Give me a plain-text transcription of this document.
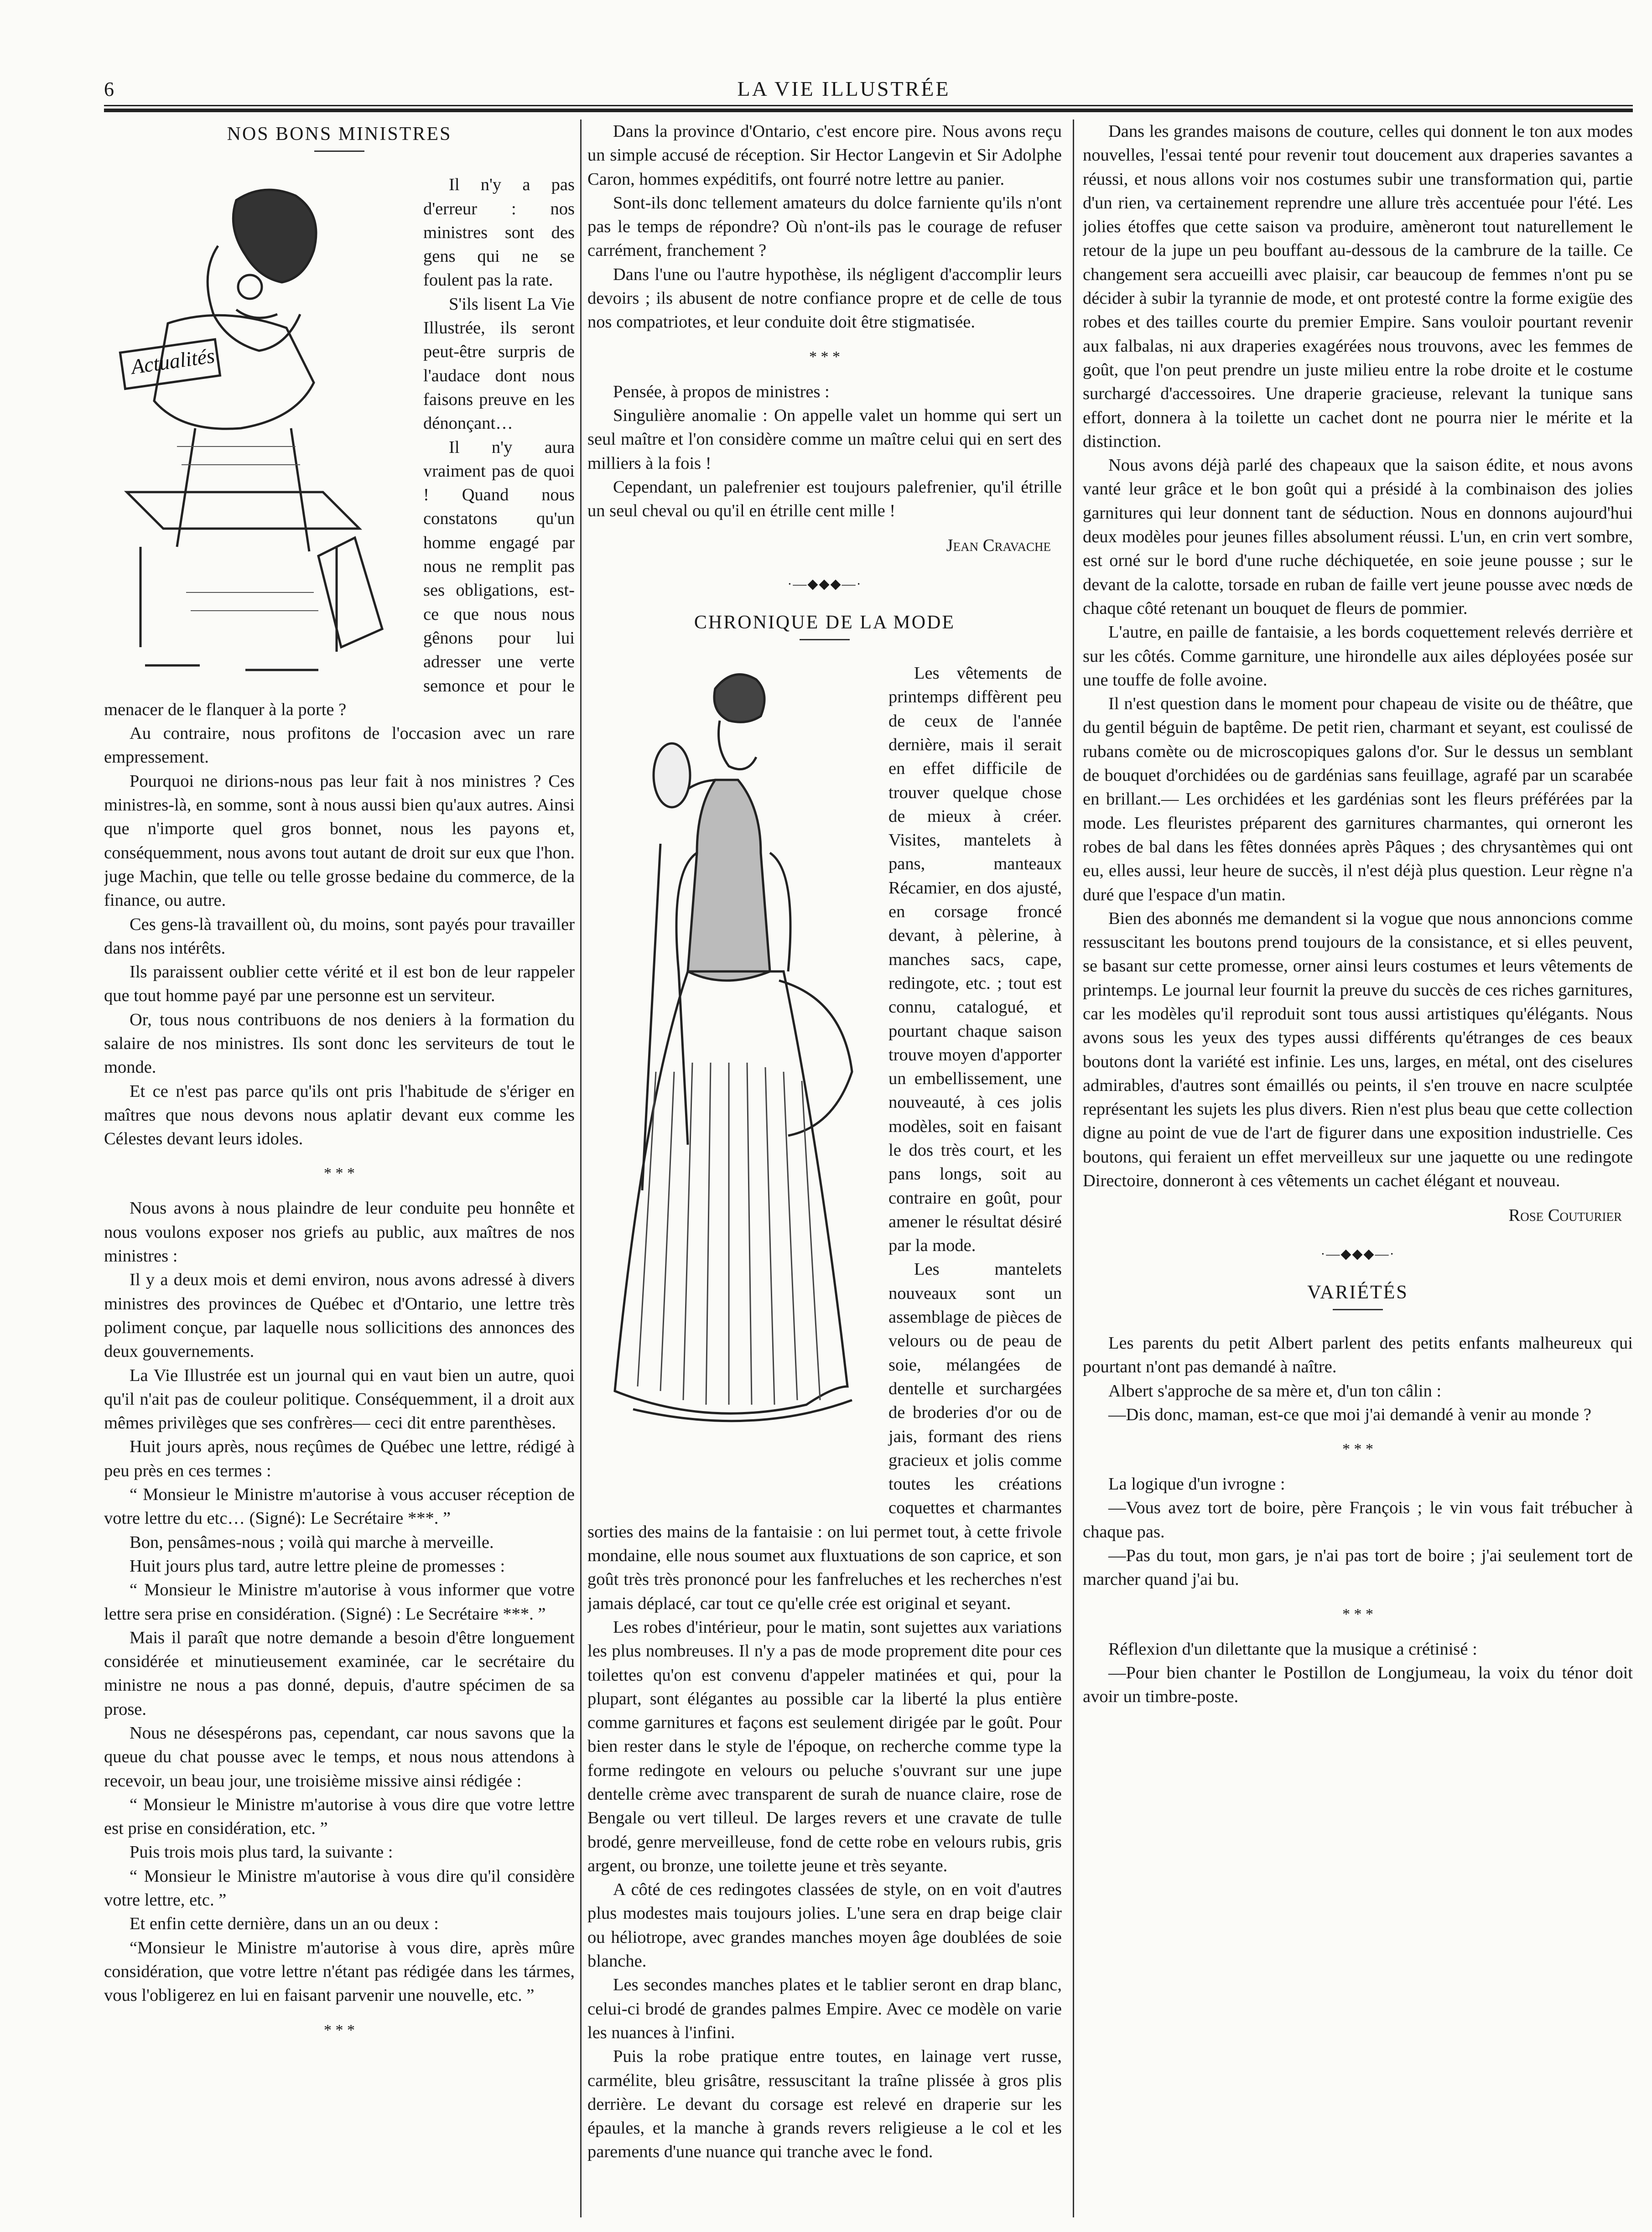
6	LA VIE ILLUSTRÉE
NOS BONS MINISTRES
Actualités

Il n'y a pas d'erreur : nos ministres sont des gens qui ne se foulent pas la rate.

S'ils lisent La Vie Illustrée, ils seront peut-être surpris de l'audace dont nous faisons preuve en les dénonçant…

Il n'y aura vraiment pas de quoi ! Quand nous constatons qu'un homme engagé par nous ne remplit pas ses obligations, est-ce que nous nous gênons pour lui adresser une verte semonce et pour le menacer de le flanquer à la porte ?

Au contraire, nous profitons de l'occasion avec un rare empressement.

Pourquoi ne dirions-nous pas leur fait à nos ministres ? Ces ministres-là, en somme, sont à nous aussi bien qu'aux autres. Ainsi que n'importe quel gros bonnet, nous les payons et, conséquemment, nous avons tout autant de droit sur eux que l'hon. juge Machin, que telle ou telle grosse bedaine du commerce, de la finance, ou autre.

Ces gens-là travaillent où, du moins, sont payés pour travailler dans nos intérêts.

Ils paraissent oublier cette vérité et il est bon de leur rappeler que tout homme payé par une personne est un serviteur.

Or, tous nous contribuons de nos deniers à la formation du salaire de nos ministres. Ils sont donc les serviteurs de tout le monde.

Et ce n'est pas parce qu'ils ont pris l'habitude de s'ériger en maîtres que nous devons nous aplatir devant eux comme les Célestes devant leurs idoles.

* * *

Nous avons à nous plaindre de leur conduite peu honnête et nous voulons exposer nos griefs au public, aux maîtres de nos ministres :

Il y a deux mois et demi environ, nous avons adressé à divers ministres des provinces de Québec et d'Ontario, une lettre très poliment conçue, par laquelle nous sollicitions des annonces des deux gouvernements.

La Vie Illustrée est un journal qui en vaut bien un autre, quoi qu'il n'ait pas de couleur politique. Conséquemment, il a droit aux mêmes privilèges que ses confrères— ceci dit entre parenthèses.

Huit jours après, nous reçûmes de Québec une lettre, rédigé à peu près en ces termes :

“ Monsieur le Ministre m'autorise à vous accuser réception de votre lettre du etc… (Signé): Le Secrétaire ***. ”

Bon, pensâmes-nous ; voilà qui marche à merveille.

Huit jours plus tard, autre lettre pleine de promesses :

“ Monsieur le Ministre m'autorise à vous informer que votre lettre sera prise en considération. (Signé) : Le Secrétaire ***. ”

Mais il paraît que notre demande a besoin d'être longuement considérée et minutieusement examinée, car le secrétaire du ministre ne nous a pas donné, depuis, d'autre spécimen de sa prose.

Nous ne désespérons pas, cependant, car nous savons que la queue du chat pousse avec le temps, et nous nous attendons à recevoir, un beau jour, une troisième missive ainsi rédigée :

“ Monsieur le Ministre m'autorise à vous dire que votre lettre est prise en considération, etc. ”

Puis trois mois plus tard, la suivante :

“ Monsieur le Ministre m'autorise à vous dire qu'il considère votre lettre, etc. ”

Et enfin cette dernière, dans un an ou deux :

“Monsieur le Ministre m'autorise à vous dire, après mûre considération, que votre lettre n'étant pas rédigée dans les tármes, vous l'obligerez en lui en faisant parvenir une nouvelle, etc. ”

* * *

Dans la province d'Ontario, c'est encore pire. Nous avons reçu un simple accusé de réception. Sir Hector Langevin et Sir Adolphe Caron, hommes expéditifs, ont fourré notre lettre au panier.

Sont-ils donc tellement amateurs du dolce farniente qu'ils n'ont pas le temps de répondre? Où n'ont-ils pas le courage de refuser carrément, franchement ?

Dans l'une ou l'autre hypothèse, ils négligent d'accomplir leurs devoirs ; ils abusent de notre confiance propre et de celle de tous nos compatriotes, et leur conduite doit être stigmatisée.

* * *

Pensée, à propos de ministres :

Singulière anomalie : On appelle valet un homme qui sert un seul maître et l'on considère comme un maître celui qui en sert des milliers à la fois !

Cependant, un palefrenier est toujours palefrenier, qu'il étrille un seul cheval ou qu'il en étrille cent mille !

Jean Cravache

·—◆◆◆—·
CHRONIQUE DE LA MODE

Les vêtements de printemps diffèrent peu de ceux de l'année dernière, mais il serait en effet difficile de trouver quelque chose de mieux à créer. Visites, mantelets à pans, manteaux Récamier, en dos ajusté, en corsage froncé devant, à pèlerine, à manches sacs, cape, redingote, etc. ; tout est connu, catalogué, et pourtant chaque saison trouve moyen d'apporter un embellissement, une nouveauté, à ces jolis modèles, soit en faisant le dos très court, et les pans longs, soit au contraire en goût, pour amener le résultat désiré par la mode.

Les mantelets nouveaux sont un assemblage de pièces de velours ou de peau de soie, mélangées de dentelle et surchargées de broderies d'or ou de jais, formant des riens gracieux et jolis comme toutes les créations coquettes et charmantes sorties des mains de la fantaisie : on lui permet tout, à cette frivole mondaine, elle nous soumet aux fluxtuations de son caprice, et son goût très très prononcé pour les fanfreluches et les recherches n'est jamais déplacé, car tout ce qu'elle crée est original et seyant.

Les robes d'intérieur, pour le matin, sont sujettes aux variations les plus nombreuses. Il n'y a pas de mode proprement dite pour ces toilettes qu'on est convenu d'appeler matinées et qui, pour la plupart, sont élégantes au possible car la liberté la plus entière comme garnitures et façons est seulement dirigée par le goût. Pour bien rester dans le style de l'époque, on recherche comme type la forme redingote en velours ou peluche s'ouvrant sur une jupe dentelle crème avec transparent de surah de nuance claire, rose de Bengale ou vert tilleul. De larges revers et une cravate de tulle brodé, genre merveilleuse, fond de cette robe en velours rubis, gris argent, ou bronze, une toilette jeune et très seyante.

A côté de ces redingotes classées de style, on en voit d'autres plus modestes mais toujours jolies. L'une sera en drap beige clair ou héliotrope, avec grandes manches moyen âge doublées de soie blanche.

Les secondes manches plates et le tablier seront en drap blanc, celui-ci brodé de grandes palmes Empire. Avec ce modèle on varie les nuances à l'infini.

Puis la robe pratique entre toutes, en lainage vert russe, carmélite, bleu grisâtre, ressuscitant la traîne plissée à gros plis derrière. Le devant du corsage est relevé en draperie sur les épaules, et la manche à grands revers religieuse a le col et les parements d'une nuance qui tranche avec le fond.

Dans les grandes maisons de couture, celles qui donnent le ton aux modes nouvelles, l'essai tenté pour revenir tout doucement aux draperies savantes a réussi, et nous allons voir nos costumes subir une transformation qui, partie d'un rien, va certainement reprendre une allure très accentuée pour l'été. Les jolies étoffes que cette saison va produire, amèneront tout naturellement le retour de la jupe un peu bouffant au-dessous de la cambrure de la taille. Ce changement sera accueilli avec plaisir, car beaucoup de femmes n'ont pu se décider à subir la tyrannie de mode, et ont protesté contre la forme exigüe des robes et des tailles courte du premier Empire. Sans vouloir pourtant revenir aux falbalas, ni aux draperies exagérées nous trouvons, avec les femmes de goût, que l'on peut prendre un juste milieu entre la robe droite et le costume surchargé d'accessoires. Une draperie gracieuse, relevant la tunique sans effort, donnera à la toilette un cachet dont ne pourra nier le mérite et la distinction.

Nous avons déjà parlé des chapeaux que la saison édite, et nous avons vanté leur grâce et le bon goût qui a présidé à la combinaison des jolies garnitures qui leur donnent tant de séduction. Nous en donnons aujourd'hui deux modèles pour jeunes filles absolument réussi. L'un, en crin vert sombre, est orné sur le bord d'une ruche déchiquetée, en soie jeune pousse ; sur le devant de la calotte, torsade en ruban de faille vert jeune pousse avec nœds de chaque côté retenant un bouquet de fleurs de pommier.

L'autre, en paille de fantaisie, a les bords coquettement relevés derrière et sur les côtés. Comme garniture, une hirondelle aux ailes déployées posée sur une touffe de folle avoine.

Il n'est question dans le moment pour chapeau de visite ou de théâtre, que du gentil béguin de baptême. De petit rien, charmant et seyant, est coulissé de rubans comète ou de microscopiques galons d'or. Sur le dessus un semblant de bouquet d'orchidées ou de gardénias sans feuillage, agrafé par un scarabée en brillant.— Les orchidées et les gardénias sont les fleurs préférées par la mode. Les fleuristes préparent des garnitures charmantes, qui orneront les robes de bal dans les fêtes données après Pâques ; des chrysantèmes qui ont eu, elles aussi, leur heure de succès, il n'est déjà plus question. Leur règne n'a duré que l'espace d'un matin.

Bien des abonnés me demandent si la vogue que nous annoncions comme ressuscitant les boutons prend toujours de la consistance, et si elles peuvent, se basant sur cette promesse, orner ainsi leurs costumes et leurs vêtements de printemps. Le journal leur fournit la preuve du succès de ces riches garnitures, car les modèles qu'il reproduit sont tous aussi artistiques qu'élégants. Nous avons sous les yeux des types aussi différents qu'étranges de ces beaux boutons dont la variété est infinie. Les uns, larges, en métal, ont des ciselures admirables, d'autres sont émaillés ou peints, il s'en trouve en nacre sculptée représentant les sujets les plus divers. Rien n'est plus beau que cette collection digne au point de vue de l'art de figurer dans une exposition industrielle. Ces boutons, qui feraient un effet merveilleux sur une jaquette ou une redingote Directoire, donneront à ces vêtements un cachet élégant et nouveau.

Rose Couturier

·—◆◆◆—·
VARIÉTÉS

Les parents du petit Albert parlent des petits enfants malheureux qui pourtant n'ont pas demandé à naître.

Albert s'approche de sa mère et, d'un ton câlin :

—Dis donc, maman, est-ce que moi j'ai demandé à venir au monde ?

* * *

La logique d'un ivrogne :

—Vous avez tort de boire, père François ; le vin vous fait trébucher à chaque pas.

—Pas du tout, mon gars, je n'ai pas tort de boire ; j'ai seulement tort de marcher quand j'ai bu.

* * *

Réflexion d'un dilettante que la musique a crétinisé :

—Pour bien chanter le Postillon de Longjumeau, la voix du ténor doit avoir un timbre-poste.
